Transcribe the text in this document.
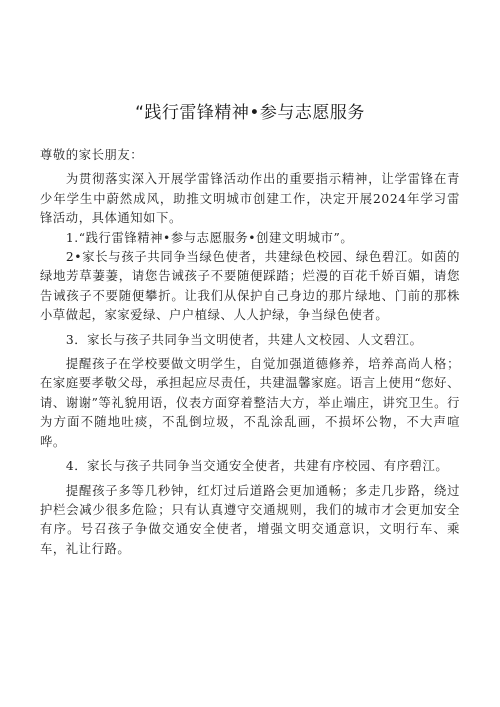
“践行雷锋精神•参与志愿服务

尊敬的家长朋友：

为贯彻落实深入开展学雷锋活动作出的重要指示精神，让学雷锋在青少年学生中蔚然成风，助推文明城市创建工作，决定开展2024年学习雷锋活动，具体通知如下。

1.“践行雷锋精神•参与志愿服务•创建文明城市”。

2•家长与孩子共同争当绿色使者，共建绿色校园、绿色碧江。如茵的绿地芳草萋萋，请您告诫孩子不要随便踩踏；烂漫的百花千娇百媚，请您告诫孩子不要随便攀折。让我们从保护自己身边的那片绿地、门前的那株小草做起，家家爱绿、户户植绿、人人护绿，争当绿色使者。

3．家长与孩子共同争当文明使者，共建人文校园、人文碧江。

提醒孩子在学校要做文明学生，自觉加强道德修养，培养高尚人格；在家庭要孝敬父母，承担起应尽责任，共建温馨家庭。语言上使用“您好、请、谢谢”等礼貌用语，仪表方面穿着整洁大方，举止端庄，讲究卫生。行为方面不随地吐痰，不乱倒垃圾，不乱涂乱画，不损坏公物，不大声喧哗。

4．家长与孩子共同争当交通安全使者，共建有序校园、有序碧江。

提醒孩子多等几秒钟，红灯过后道路会更加通畅；多走几步路，绕过护栏会减少很多危险；只有认真遵守交通规则，我们的城市才会更加安全有序。号召孩子争做交通安全使者，增强文明交通意识，文明行车、乘车，礼让行路。
